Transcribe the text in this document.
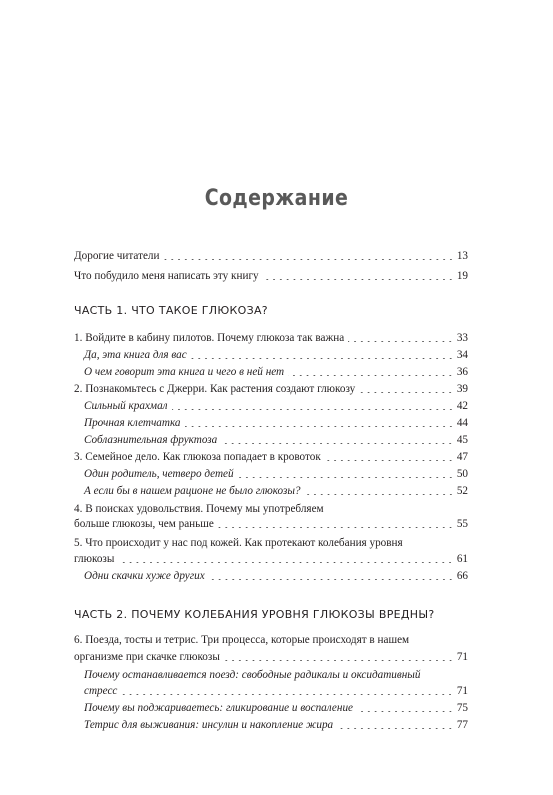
Содержание
Дорогие читатели	13
Что побудило меня написать эту книгу	19
ЧАСТЬ 1. ЧТО ТАКОЕ ГЛЮКОЗА?
1. Войдите в кабину пилотов. Почему глюкоза так важна	33
Да, эта книга для вас	34
О чем говорит эта книга и чего в ней нет	36
2. Познакомьтесь с Джерри. Как растения создают глюкозу	39
Сильный крахмал	42
Прочная клетчатка	44
Соблазнительная фруктоза	45
3. Семейное дело. Как глюкоза попадает в кровоток	47
Один родитель, четверо детей	50
А если бы в нашем рационе не было глюкозы?	52
4. В поисках удовольствия. Почему мы употребляем
больше глюкозы, чем раньше	55
5. Что происходит у нас под кожей. Как протекают колебания уровня
глюкозы	61
Одни скачки хуже других	66
ЧАСТЬ 2. ПОЧЕМУ КОЛЕБАНИЯ УРОВНЯ ГЛЮКОЗЫ ВРЕДНЫ?
6. Поезда, тосты и тетрис. Три процесса, которые происходят в нашем
организме при скачке глюкозы	71
Почему останавливается поезд: свободные радикалы и оксидативный
стресс	71
Почему вы поджариваетесь: гликирование и воспаление	75
Тетрис для выживания: инсулин и накопление жира	77
